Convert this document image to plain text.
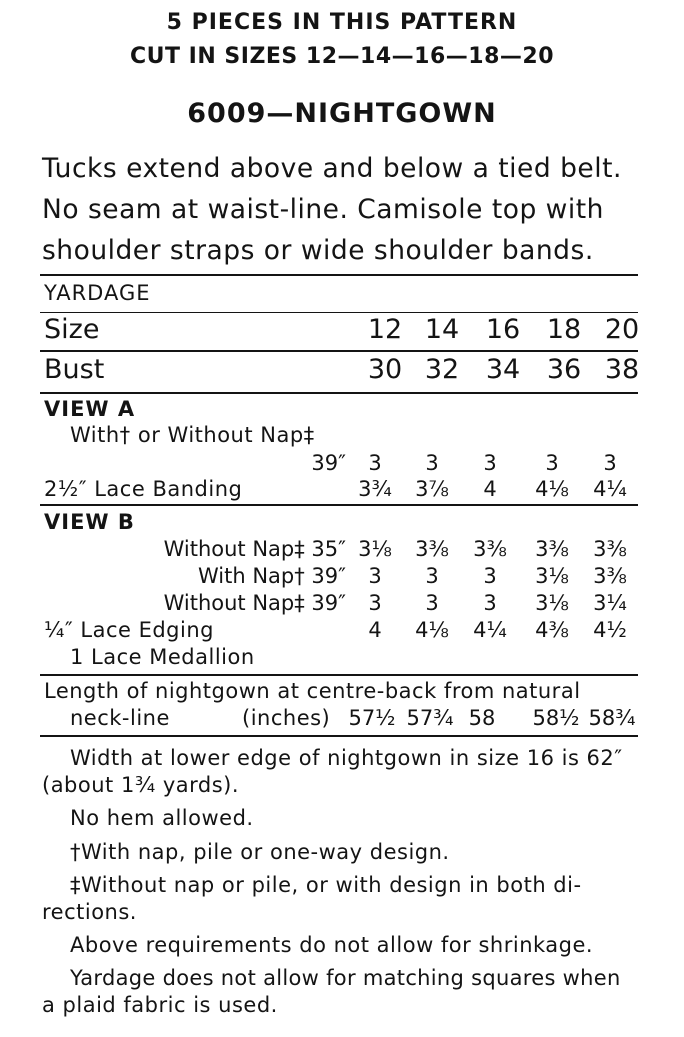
5 PIECES IN THIS PATTERN
CUT IN SIZES 12—14—16—18—20
6009—NIGHTGOWN
Tucks extend above and below a tied belt.
No seam at waist-line. Camisole top with
shoulder straps or wide shoulder bands.
YARDAGE
Size	12 14 16 18 20
Bust	30 32 34 36 38
VIEW A
With† or Without Nap‡
39″	3	3	3	3	3
2½″ Lace Banding	3¾	3⅞	4	4⅛	4¼
VIEW B
Without Nap‡ 35″ 3⅛	3⅜	3⅜	3⅜	3⅜
With Nap† 39″	3	3	3	3⅛	3⅜
Without Nap‡ 39″	3	3	3	3⅛	3¼
¼″ Lace Edging	4	4⅛	4¼	4⅜	4½
1 Lace Medallion
Length of nightgown at centre-back from natural
neck-line	(inches) 57½ 57¾ 58	58½ 58¾
Width at lower edge of nightgown in size 16 is 62″
(about 1¾ yards).
No hem allowed.
†With nap, pile or one-way design.
‡Without nap or pile, or with design in both di-
rections.
Above requirements do not allow for shrinkage.
Yardage does not allow for matching squares when
a plaid fabric is used.
